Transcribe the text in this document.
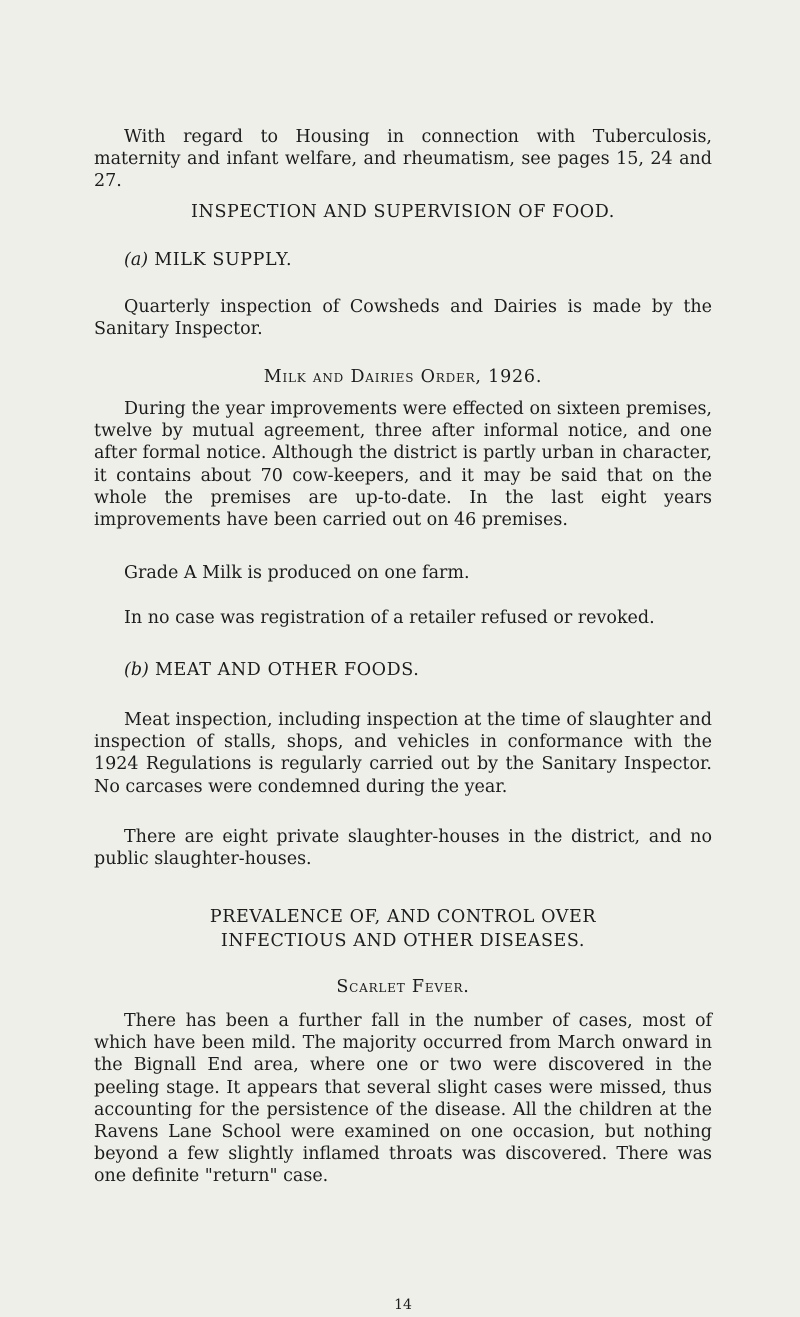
With regard to Housing in connection with Tuberculosis, maternity and infant welfare, and rheumatism, see pages 15, 24 and 27.

INSPECTION AND SUPERVISION OF FOOD.
(a) MILK SUPPLY.

Quarterly inspection of Cowsheds and Dairies is made by the Sanitary Inspector.

Milk and Dairies Order, 1926.

During the year improvements were effected on sixteen premises, twelve by mutual agreement, three after informal notice, and one after formal notice. Although the district is partly urban in character, it contains about 70 cow-keepers, and it may be said that on the whole the premises are up-to-date. In the last eight years improvements have been carried out on 46 premises.

Grade A Milk is produced on one farm.

In no case was registration of a retailer refused or revoked.

(b) MEAT AND OTHER FOODS.

Meat inspection, including inspection at the time of slaughter and inspection of stalls, shops, and vehicles in conformance with the 1924 Regulations is regularly carried out by the Sanitary Inspector. No carcases were condemned during the year.

There are eight private slaughter-houses in the district, and no public slaughter-houses.

PREVALENCE OF, AND CONTROL OVER
INFECTIOUS AND OTHER DISEASES.
Scarlet Fever.

There has been a further fall in the number of cases, most of which have been mild. The majority occurred from March onward in the Bignall End area, where one or two were discovered in the peeling stage. It appears that several slight cases were missed, thus accounting for the persistence of the disease. All the children at the Ravens Lane School were examined on one occasion, but nothing beyond a few slightly inflamed throats was discovered. There was one definite "return" case.

14
